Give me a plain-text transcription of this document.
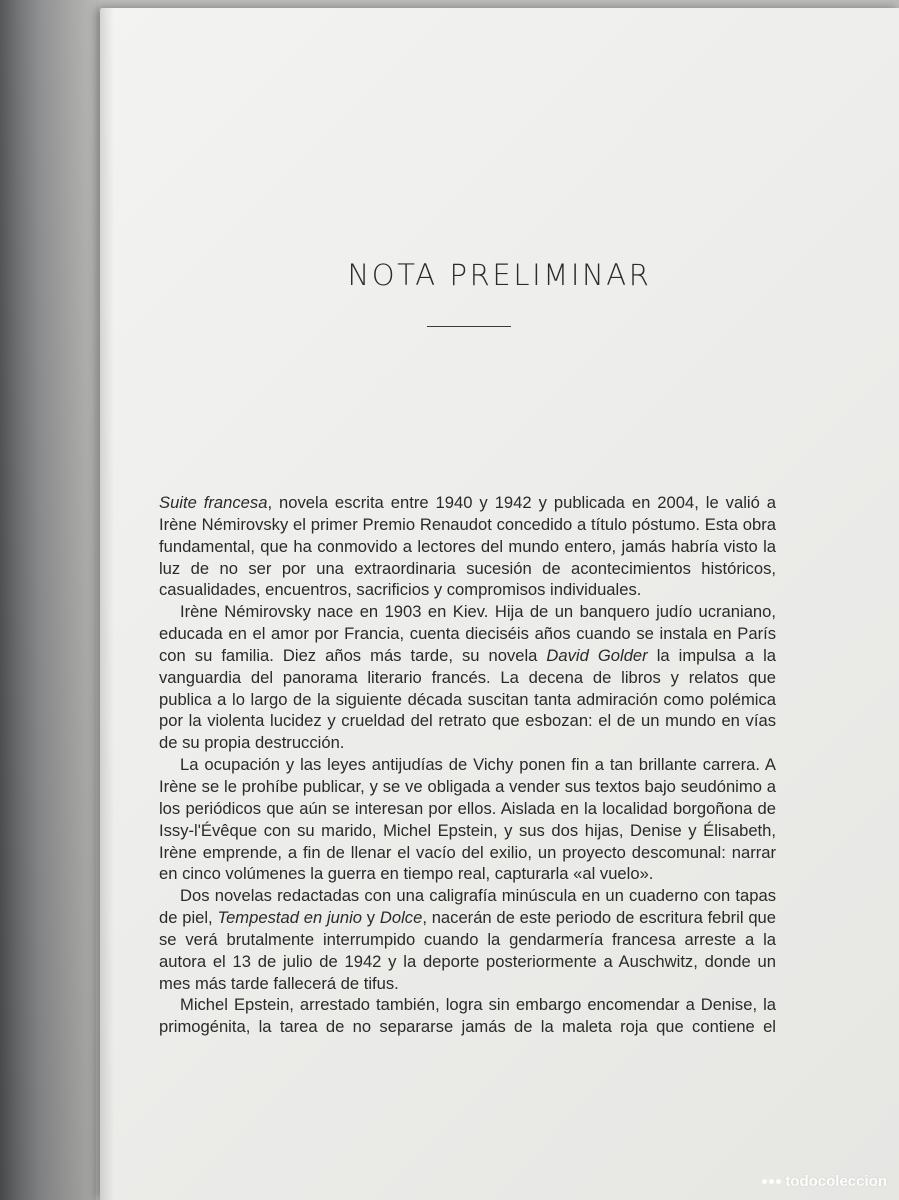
NOTA PRELIMINAR

Suite francesa, novela escrita entre 1940 y 1942 y publicada en 2004, le valió a Irène Némirovsky el primer Premio Renaudot concedido a título póstumo. Esta obra fundamental, que ha conmovido a lectores del mundo entero, jamás habría visto la luz de no ser por una extraordinaria sucesión de acontecimientos históricos, casualidades, encuentros, sacrificios y compromisos individuales.

Irène Némirovsky nace en 1903 en Kiev. Hija de un banquero judío ucraniano, educada en el amor por Francia, cuenta dieciséis años cuando se instala en París con su familia. Diez años más tarde, su novela David Golder la impulsa a la vanguardia del panorama literario francés. La decena de libros y relatos que publica a lo largo de la siguiente década suscitan tanta admiración como polémica por la violenta lucidez y crueldad del retrato que esbozan: el de un mundo en vías de su propia destrucción.

La ocupación y las leyes antijudías de Vichy ponen fin a tan brillante carrera. A Irène se le prohíbe publicar, y se ve obligada a vender sus textos bajo seudónimo a los periódicos que aún se interesan por ellos. Aislada en la localidad borgoñona de Issy-l'Évêque con su marido, Michel Epstein, y sus dos hijas, Denise y Élisabeth, Irène emprende, a fin de llenar el vacío del exilio, un proyecto descomunal: narrar en cinco volúmenes la guerra en tiempo real, capturarla «al vuelo».

Dos novelas redactadas con una caligrafía minúscula en un cuaderno con tapas de piel, Tempestad en junio y Dolce, nacerán de este periodo de escritura febril que se verá brutalmente interrumpido cuando la gendarmería francesa arreste a la autora el 13 de julio de 1942 y la deporte posteriormente a Auschwitz, donde un mes más tarde fallecerá de tifus.

Michel Epstein, arrestado también, logra sin embargo encomendar a Denise, la primogénita, la tarea de no separarse jamás de la maleta roja que contiene el

todocoleccion
